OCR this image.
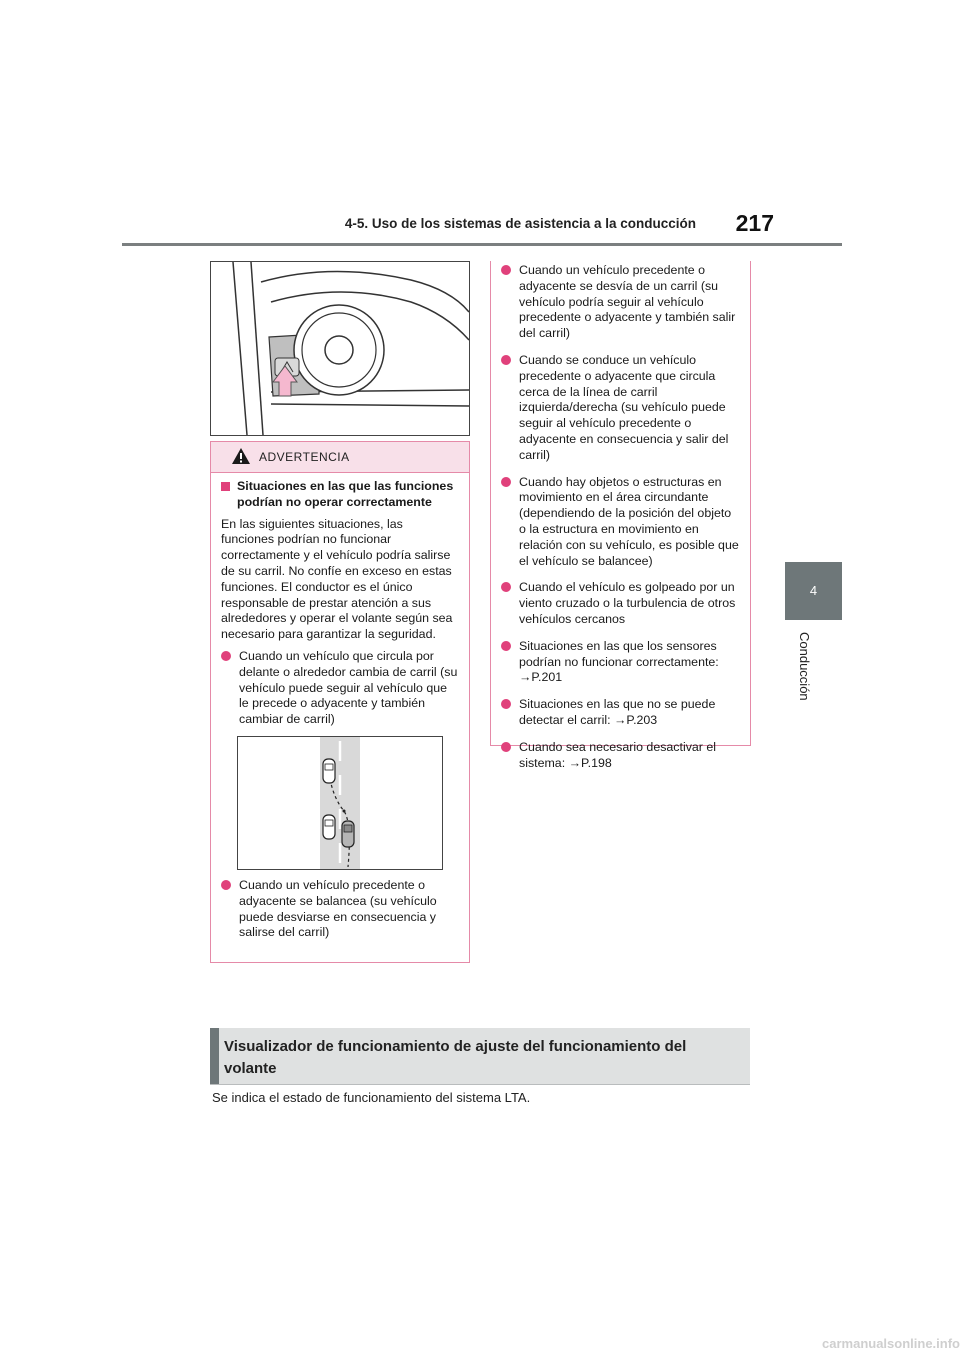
4-5. Uso de los sistemas de asistencia a la conducción	217
4
Conducción
ADVERTENCIA
Situaciones en las que las funciones podrían no operar correctamente

En las siguientes situaciones, las funciones podrían no funcionar correctamente y el vehículo podría salirse de su carril. No confíe en exceso en estas funciones. El conductor es el único responsable de prestar atención a sus alrededores y operar el volante según sea necesario para garantizar la seguridad.

Cuando un vehículo que circula por delante o alrededor cambia de carril (su vehículo puede seguir al vehículo que le precede o adyacente y también cambiar de carril)
Cuando un vehículo precedente o adyacente se balancea (su vehículo puede desviarse en consecuencia y salirse del carril)
Cuando un vehículo precedente o adyacente se desvía de un carril (su vehículo podría seguir al vehículo precedente o adyacente y también salir del carril)
Cuando se conduce un vehículo precedente o adyacente que circula cerca de la línea de carril izquierda/derecha (su vehículo puede seguir al vehículo precedente o adyacente en consecuencia y salir del carril)
Cuando hay objetos o estructuras en movimiento en el área circundante (dependiendo de la posición del objeto o la estructura en movimiento en relación con su vehículo, es posible que el vehículo se balancee)
Cuando el vehículo es golpeado por un viento cruzado o la turbulencia de otros vehículos cercanos
Situaciones en las que los sensores podrían no funcionar correctamente: →P.201
Situaciones en las que no se puede detectar el carril: →P.203
Cuando sea necesario desactivar el sistema: →P.198
Visualizador de funcionamiento de ajuste del funcionamiento del volante
Se indica el estado de funcionamiento del sistema LTA.
carmanualsonline.info
